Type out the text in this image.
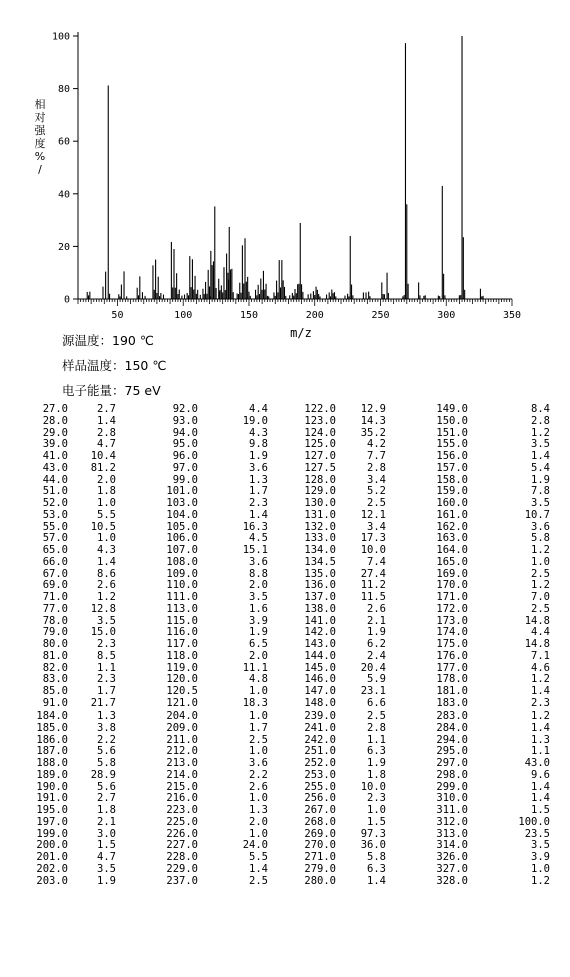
0
20
40
60
80
100
50	100	150	200	250	300	350
相对强度% /
m/z
源温度：190 ℃
样品温度：150 ℃
电子能量：75 eV
27.0	2.7	92.0	4.4	122.0	12.9	149.0	8.4
28.0	1.4	93.0	19.0	123.0	14.3	150.0	2.8
29.0	2.8	94.0	4.3	124.0	35.2	151.0	1.2
39.0	4.7	95.0	9.8	125.0	4.2	155.0	3.5
41.0	10.4	96.0	1.9	127.0	7.7	156.0	1.4
43.0	81.2	97.0	3.6	127.5	2.8	157.0	5.4
44.0	2.0	99.0	1.3	128.0	3.4	158.0	1.9
51.0	1.8	101.0	1.7	129.0	5.2	159.0	7.8
52.0	1.0	103.0	2.3	130.0	2.5	160.0	3.5
53.0	5.5	104.0	1.4	131.0	12.1	161.0	10.7
55.0	10.5	105.0	16.3	132.0	3.4	162.0	3.6
57.0	1.0	106.0	4.5	133.0	17.3	163.0	5.8
65.0	4.3	107.0	15.1	134.0	10.0	164.0	1.2
66.0	1.4	108.0	3.6	134.5	7.4	165.0	1.0
67.0	8.6	109.0	8.8	135.0	27.4	169.0	2.5
69.0	2.6	110.0	2.0	136.0	11.2	170.0	1.2
71.0	1.2	111.0	3.5	137.0	11.5	171.0	7.0
77.0	12.8	113.0	1.6	138.0	2.6	172.0	2.5
78.0	3.5	115.0	3.9	141.0	2.1	173.0	14.8
79.0	15.0	116.0	1.9	142.0	1.9	174.0	4.4
80.0	2.3	117.0	6.5	143.0	6.2	175.0	14.8
81.0	8.5	118.0	2.0	144.0	2.4	176.0	7.1
82.0	1.1	119.0	11.1	145.0	20.4	177.0	4.6
83.0	2.3	120.0	4.8	146.0	5.9	178.0	1.2
85.0	1.7	120.5	1.0	147.0	23.1	181.0	1.4
91.0	21.7	121.0	18.3	148.0	6.6	183.0	2.3
184.0	1.3	204.0	1.0	239.0	2.5	283.0	1.2
185.0	3.8	209.0	1.7	241.0	2.8	284.0	1.4
186.0	2.2	211.0	2.5	242.0	1.1	294.0	1.3
187.0	5.6	212.0	1.0	251.0	6.3	295.0	1.1
188.0	5.8	213.0	3.6	252.0	1.9	297.0	43.0
189.0	28.9	214.0	2.2	253.0	1.8	298.0	9.6
190.0	5.6	215.0	2.6	255.0	10.0	299.0	1.4
191.0	2.7	216.0	1.0	256.0	2.3	310.0	1.4
195.0	1.8	223.0	1.3	267.0	1.0	311.0	1.5
197.0	2.1	225.0	2.0	268.0	1.5	312.0	100.0
199.0	3.0	226.0	1.0	269.0	97.3	313.0	23.5
200.0	1.5	227.0	24.0	270.0	36.0	314.0	3.5
201.0	4.7	228.0	5.5	271.0	5.8	326.0	3.9
202.0	3.5	229.0	1.4	279.0	6.3	327.0	1.0
203.0	1.9	237.0	2.5	280.0	1.4	328.0	1.2
